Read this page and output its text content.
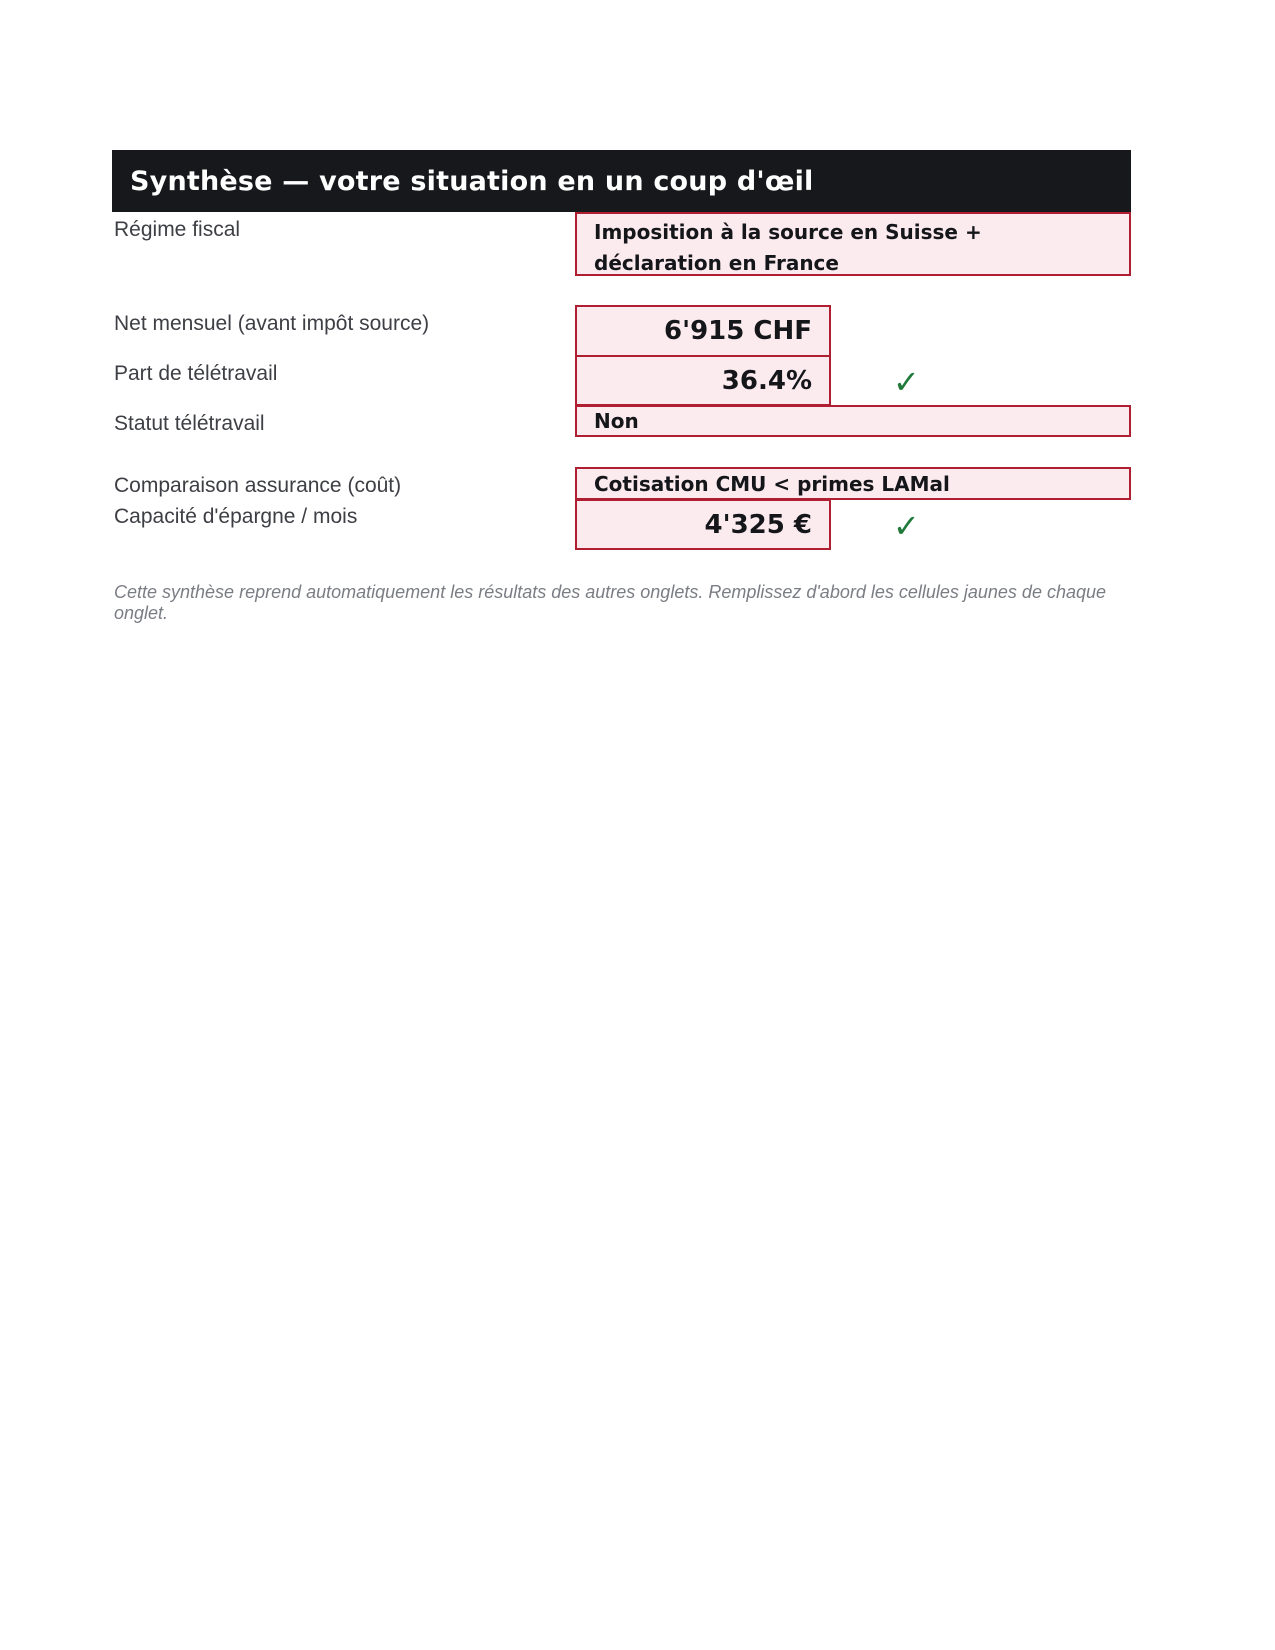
Synthèse — votre situation en un coup d'œil
Régime fiscal	Imposition à la source en Suisse + déclaration en France
Net mensuel (avant impôt source)	6'915 CHF
Part de télétravail	36.4%	✓
Statut télétravail	Non
Comparaison assurance (coût)	Cotisation CMU < primes LAMal
Capacité d'épargne / mois	4'325 €	✓
Cette synthèse reprend automatiquement les résultats des autres onglets. Remplissez d'abord les cellules jaunes de chaque onglet.
